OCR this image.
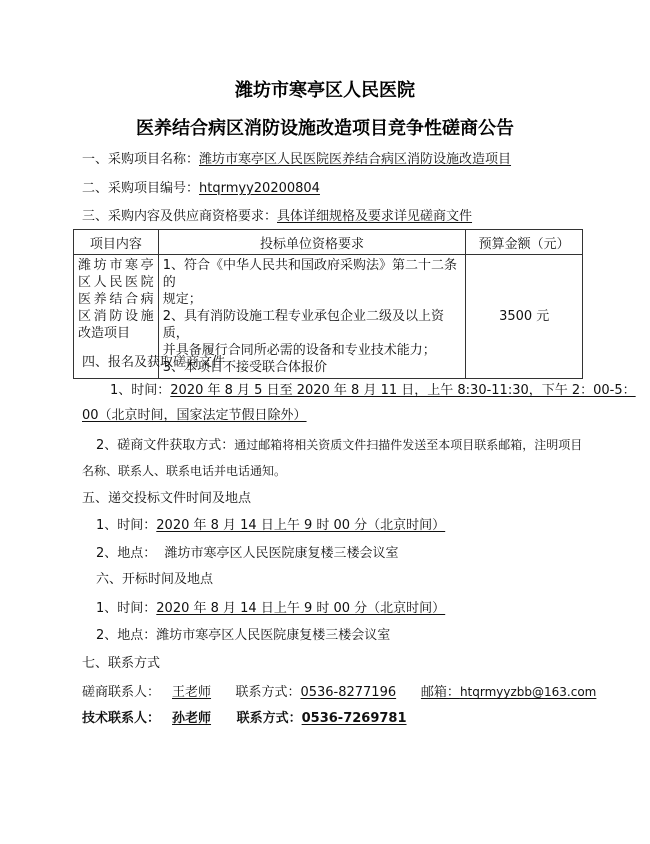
潍坊市寒亭区人民医院
医养结合病区消防设施改造项目竞争性磋商公告
一、采购项目名称：潍坊市寒亭区人民医院医养结合病区消防设施改造项目
二、采购项目编号：htqrmyy20200804
三、采购内容及供应商资格要求：具体详细规格及要求详见磋商文件
项目内容	投标单位资格要求	预算金额（元）
潍坊市寒亭区人民医院医养结合病区消防设施改造项目	1、符合《中华人民共和国政府采购法》第二十二条的
规定；
2、具有消防设施工程专业承包企业二级及以上资质，
并具备履行合同所必需的设备和专业技术能力；
3、本项目不接受联合体报价	3500 元
四、报名及获取磋商文件
1、时间：2020 年 8 月 5 日至 2020 年 8 月 11 日，上午 8:30-11:30，下午 2：00-5：
00（北京时间，国家法定节假日除外）
2、磋商文件获取方式：通过邮箱将相关资质文件扫描件发送至本项目联系邮箱，注明项目
名称、联系人、联系电话并电话通知。
五、递交投标文件时间及地点
1、时间：2020 年 8 月 14 日上午 9 时 00 分（北京时间）
2、地点： 潍坊市寒亭区人民医院康复楼三楼会议室
六、开标时间及地点
1、时间：2020 年 8 月 14 日上午 9 时 00 分（北京时间）
2、地点：潍坊市寒亭区人民医院康复楼三楼会议室
七、联系方式
磋商联系人： 王老师 联系方式：0536-8277196 邮箱：htqrmyyzbb@163.com
技术联系人： 孙老师 联系方式：0536-7269781
